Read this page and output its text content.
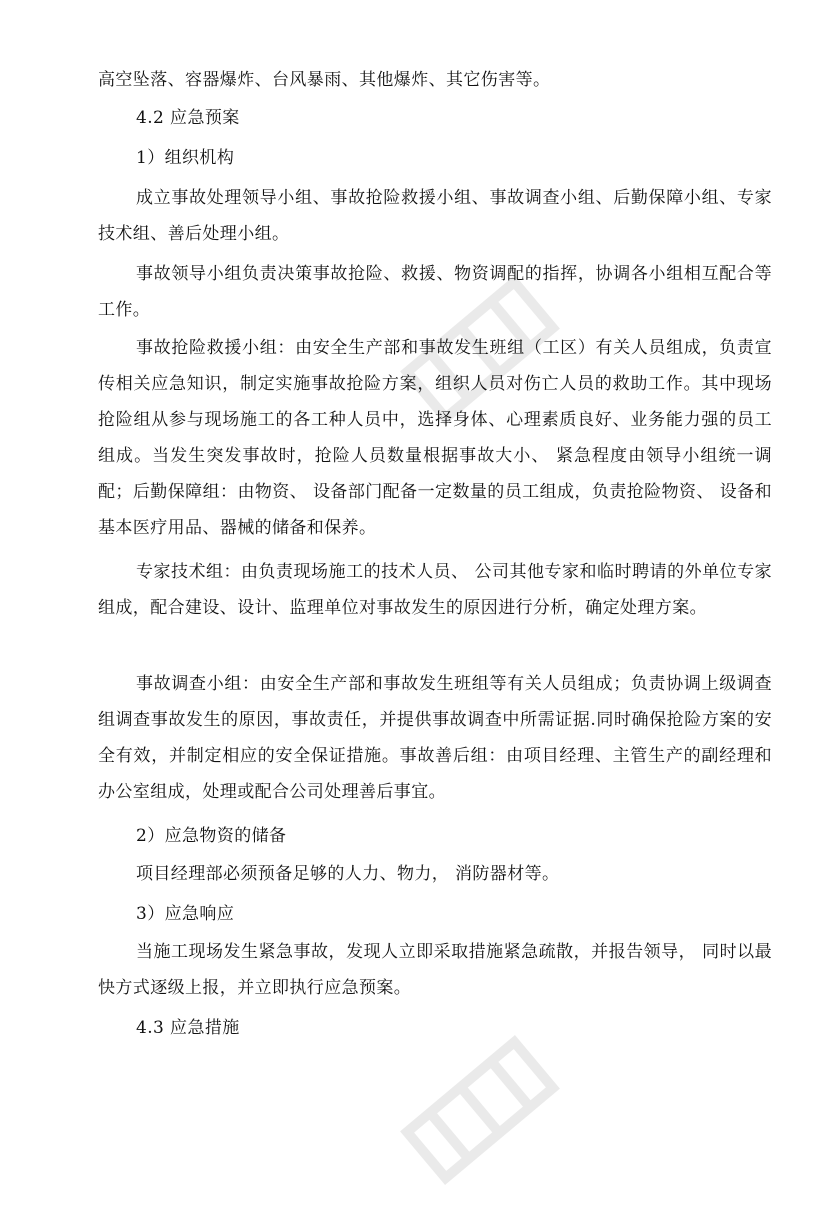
高空坠落、容器爆炸、台风暴雨、其他爆炸、其它伤害等。

4.2 应急预案

1）组织机构

成立事故处理领导小组、事故抢险救援小组、事故调查小组、后勤保障小组、专家技术组、善后处理小组。

事故领导小组负责决策事故抢险、救援、物资调配的指挥，协调各小组相互配合等工作。

事故抢险救援小组：由安全生产部和事故发生班组（工区）有关人员组成，负责宣传相关应急知识，制定实施事故抢险方案，组织人员对伤亡人员的救助工作。其中现场抢险组从参与现场施工的各工种人员中，选择身体、心理素质良好、业务能力强的员工组成。当发生突发事故时，抢险人员数量根据事故大小、 紧急程度由领导小组统一调配；后勤保障组：由物资、 设备部门配备一定数量的员工组成，负责抢险物资、 设备和基本医疗用品、器械的储备和保养。

专家技术组：由负责现场施工的技术人员、 公司其他专家和临时聘请的外单位专家组成，配合建设、设计、监理单位对事故发生的原因进行分析，确定处理方案。

事故调查小组：由安全生产部和事故发生班组等有关人员组成；负责协调上级调查组调查事故发生的原因，事故责任，并提供事故调查中所需证据.同时确保抢险方案的安全有效，并制定相应的安全保证措施。事故善后组：由项目经理、主管生产的副经理和办公室组成，处理或配合公司处理善后事宜。

2）应急物资的储备

项目经理部必须预备足够的人力、物力， 消防器材等。

3）应急响应

当施工现场发生紧急事故，发现人立即采取措施紧急疏散，并报告领导， 同时以最快方式逐级上报，并立即执行应急预案。

4.3 应急措施
